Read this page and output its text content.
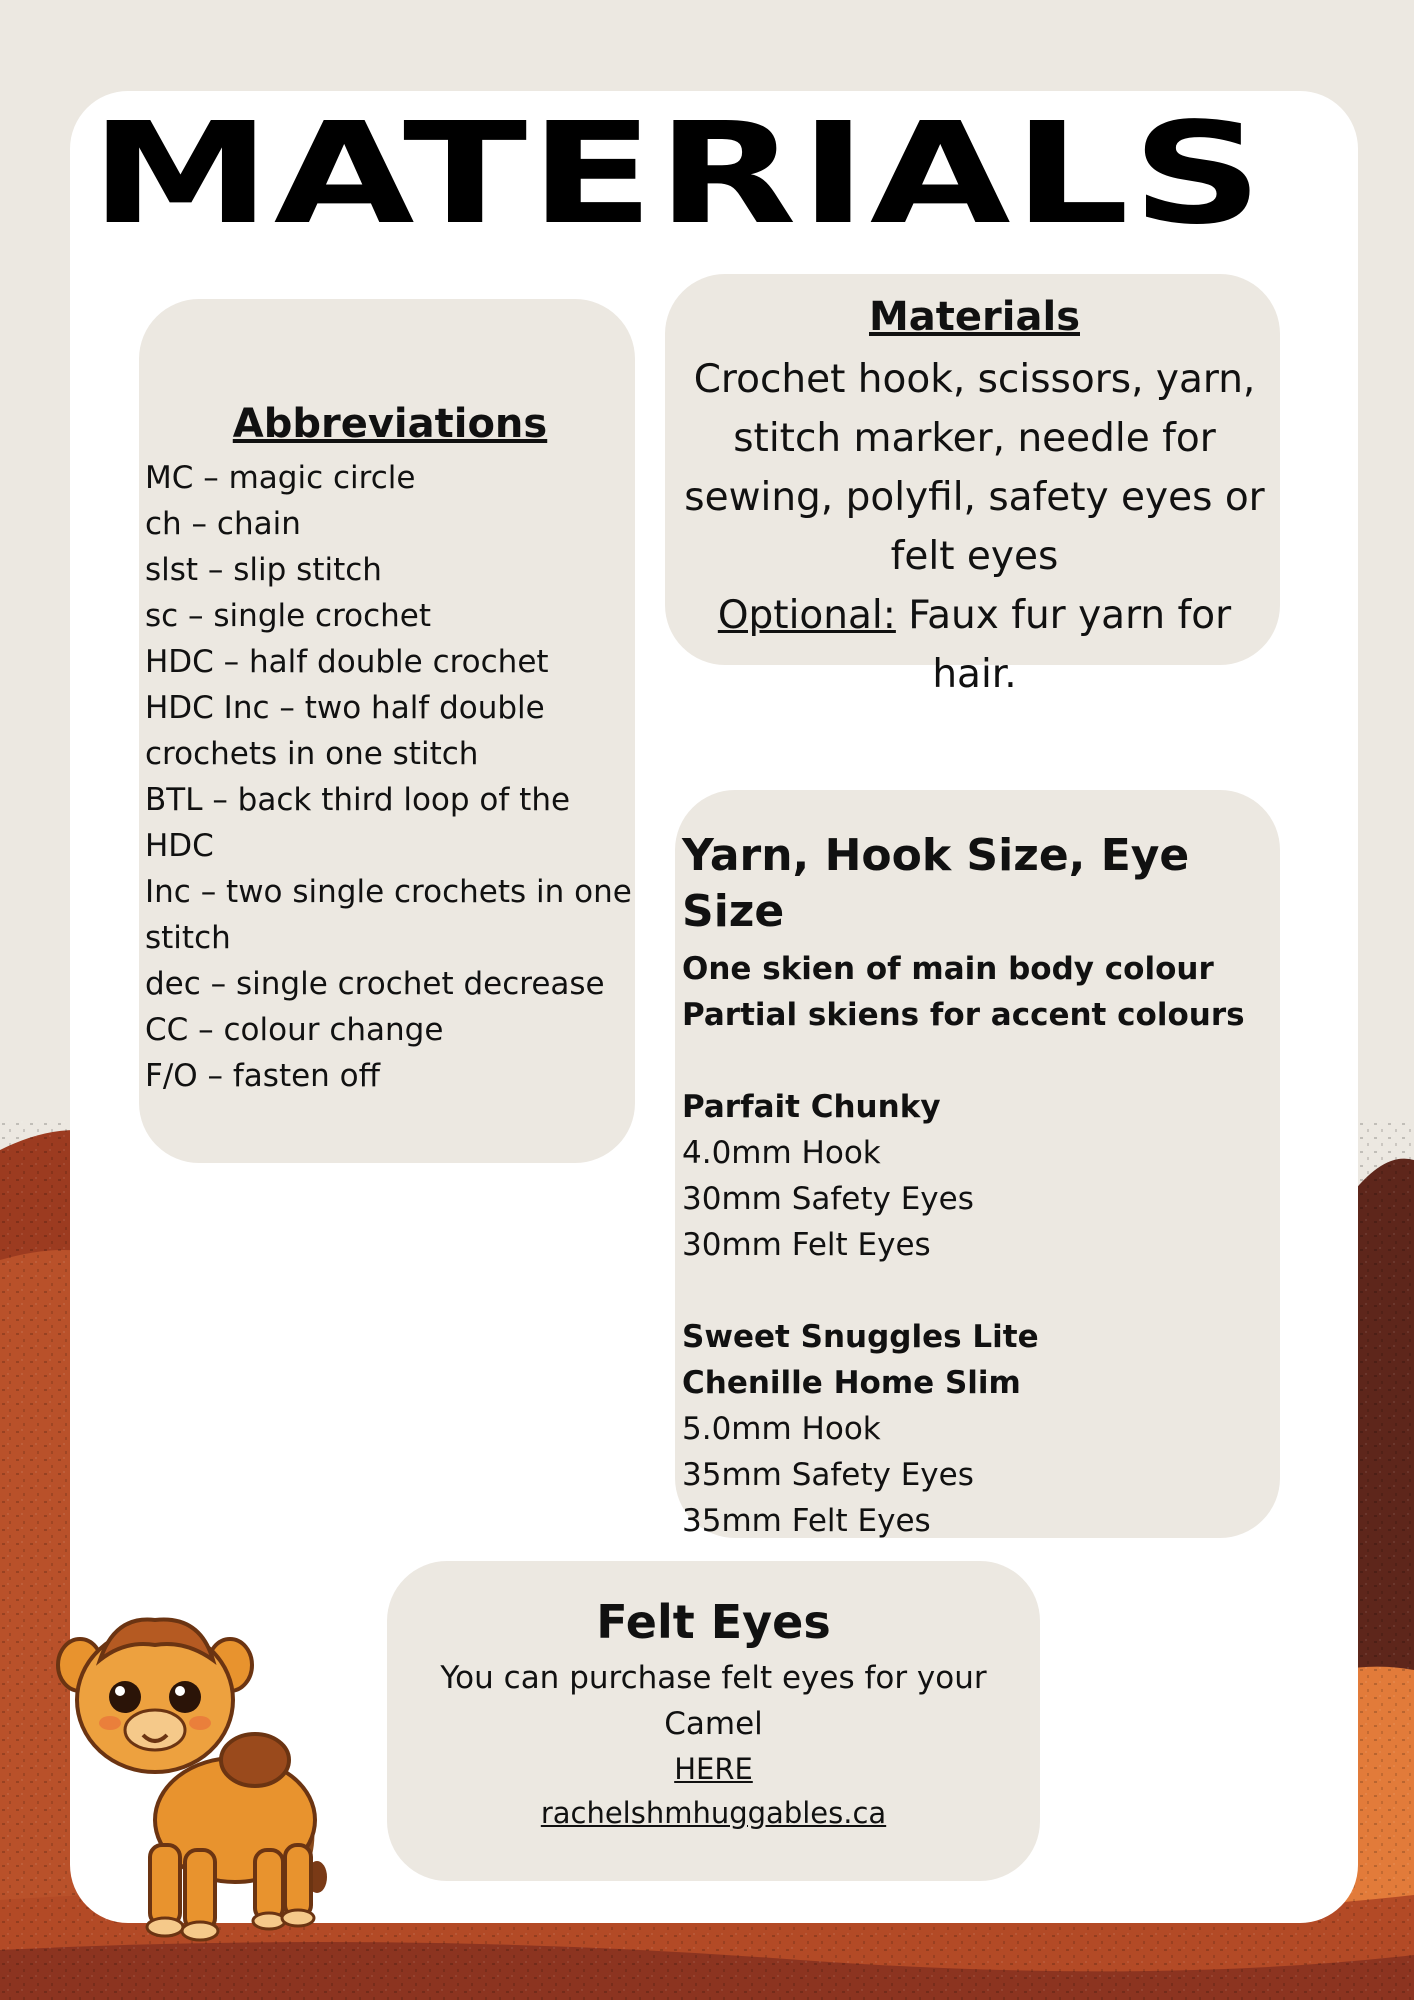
MATERIALS
Abbreviations
MC – magic circle
ch – chain
slst – slip stitch
sc – single crochet
HDC – half double crochet
HDC Inc – two half double
crochets in one stitch
BTL – back third loop of the HDC
Inc – two single crochets in one
stitch
dec – single crochet decrease
CC – colour change
F/O – fasten off
Materials

Crochet hook, scissors, yarn, stitch marker, needle for sewing, polyfil, safety eyes or felt eyes
Optional: Faux fur yarn for hair.

Yarn, Hook Size, Eye Size
One skien of main body colour
Partial skiens for accent colours
Parfait Chunky
4.0mm Hook
30mm Safety Eyes
30mm Felt Eyes
Sweet Snuggles Lite
Chenille Home Slim
5.0mm Hook
35mm Safety Eyes
35mm Felt Eyes
Felt Eyes
You can purchase felt eyes for your Camel
HERE
rachelshmhuggables.ca
